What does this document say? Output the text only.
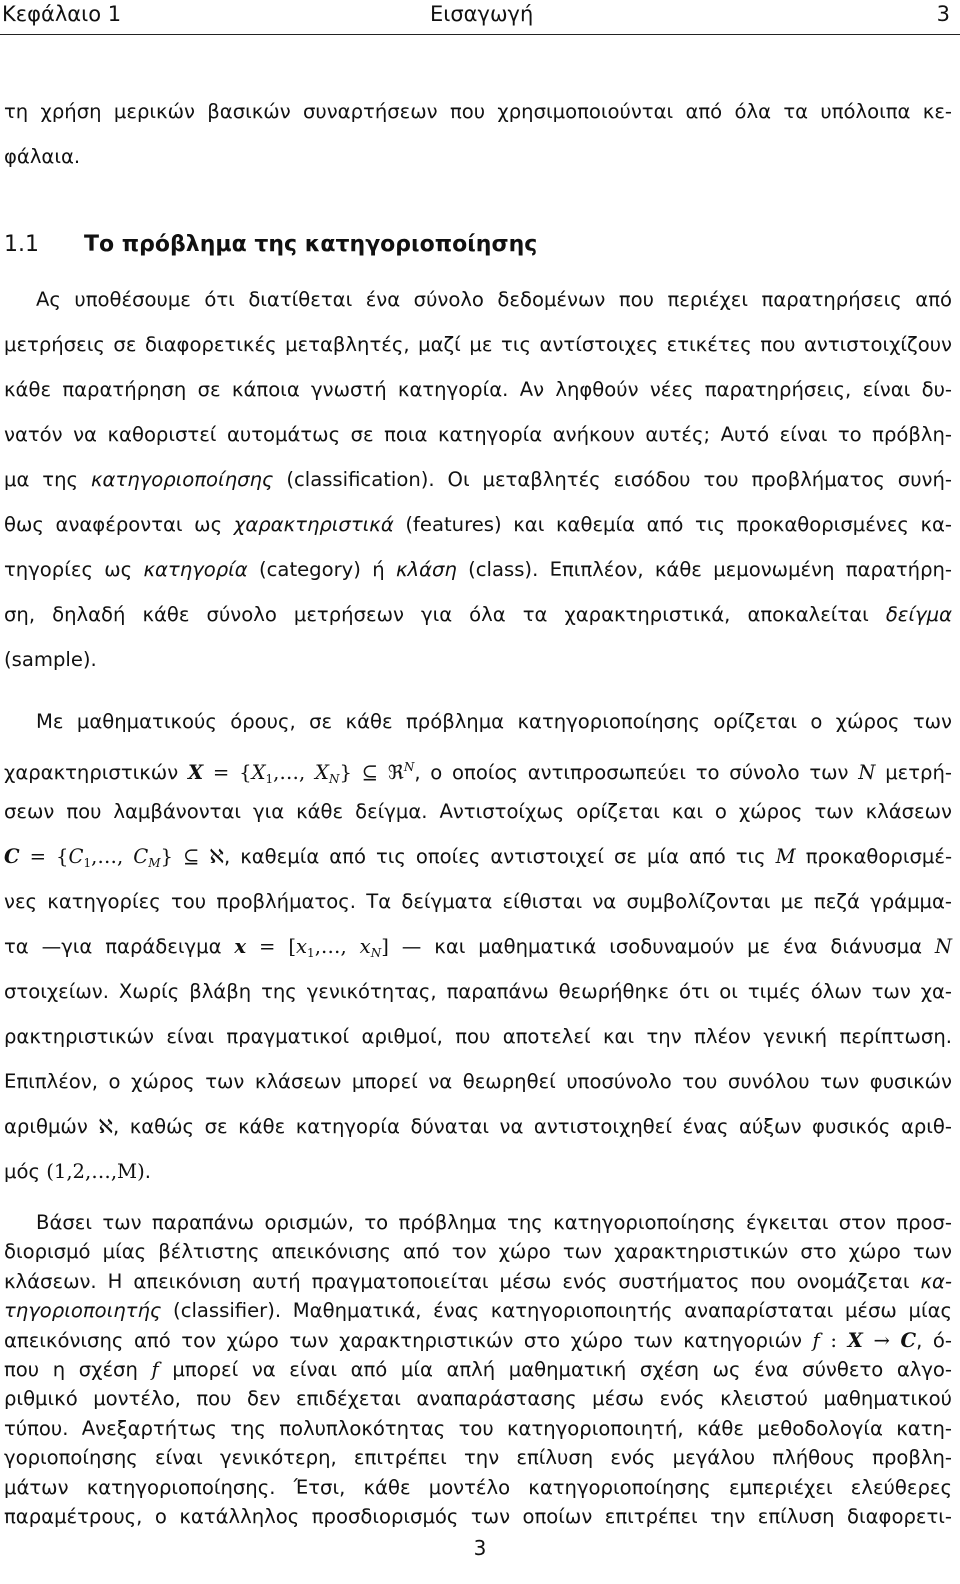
Κεφάλαιο 1	Εισαγωγή	3
τη χρήση μερικών βασικών συναρτήσεων που χρησιμοποιούνται από όλα τα υπόλοιπα κε-
φάλαια.
1.1 Το πρόβλημα της κατηγοριοποίησης
Ας υποθέσουμε ότι διατίθεται ένα σύνολο δεδομένων που περιέχει παρατηρήσεις από
μετρήσεις σε διαφορετικές μεταβλητές, μαζί με τις αντίστοιχες ετικέτες που αντιστοιχίζουν
κάθε παρατήρηση σε κάποια γνωστή κατηγορία. Αν ληφθούν νέες παρατηρήσεις, είναι δυ-
νατόν να καθοριστεί αυτομάτως σε ποια κατηγορία ανήκουν αυτές; Αυτό είναι το πρόβλη-
μα της κατηγοριοποίησης (classification). Οι μεταβλητές εισόδου του προβλήματος συνή-
θως αναφέρονται ως χαρακτηριστικά (features) και καθεμία από τις προκαθορισμένες κα-
τηγορίες ως κατηγορία (category) ή κλάση (class). Επιπλέον, κάθε μεμονωμένη παρατήρη-
ση, δηλαδή κάθε σύνολο μετρήσεων για όλα τα χαρακτηριστικά, αποκαλείται δείγμα
(sample).
Με μαθηματικούς όρους, σε κάθε πρόβλημα κατηγοριοποίησης ορίζεται ο χώρος των
χαρακτηριστικών $X = \{X_1,\dots$, $X_N$} ⊆ ℜ$^N$, ο οποίος αντιπροσωπεύει το σύνολο των N μετρή-
σεων που λαμβάνονται για κάθε δείγμα. Αντιστοίχως ορίζεται και ο χώρος των κλάσεων
$C = \{C_1,\dots$, $C_M$} ⊆ ℵ, καθεμία από τις οποίες αντιστοιχεί σε μία από τις M προκαθορισμέ-
νες κατηγορίες του προβλήματος. Τα δείγματα είθισται να συμβολίζονται με πεζά γράμμα-
τα —για παράδειγμα $x = [x_1,\dots$, $x_N$] — και μαθηματικά ισοδυναμούν με ένα διάνυσμα N
στοιχείων. Χωρίς βλάβη της γενικότητας, παραπάνω θεωρήθηκε ότι οι τιμές όλων των χα-
ρακτηριστικών είναι πραγματικοί αριθμοί, που αποτελεί και την πλέον γενική περίπτωση.
Επιπλέον, ο χώρος των κλάσεων μπορεί να θεωρηθεί υποσύνολο του συνόλου των φυσικών
αριθμών ℵ, καθώς σε κάθε κατηγορία δύναται να αντιστοιχηθεί ένας αύξων φυσικός αριθ-
μός (1,2,…,M).
Βάσει των παραπάνω ορισμών, το πρόβλημα της κατηγοριοποίησης έγκειται στον προσ-
διορισμό μίας βέλτιστης απεικόνισης από τον χώρο των χαρακτηριστικών στο χώρο των
κλάσεων. Η απεικόνιση αυτή πραγματοποιείται μέσω ενός συστήματος που ονομάζεται κα-
τηγοριοποιητής (classifier). Μαθηματικά, ένας κατηγοριοποιητής αναπαρίσταται μέσω μίας
απεικόνισης από τον χώρο των χαρακτηριστικών στο χώρο των κατηγοριών f : X → C, ό-
που η σχέση f μπορεί να είναι από μία απλή μαθηματική σχέση ως ένα σύνθετο αλγο-
ριθμικό μοντέλο, που δεν επιδέχεται αναπαράστασης μέσω ενός κλειστού μαθηματικού
3
τύπου. Ανεξαρτήτως της πολυπλοκότητας του κατηγοριοποιητή, κάθε μεθοδολογία κατη-
γοριοποίησης είναι γενικότερη, επιτρέπει την επίλυση ενός μεγάλου πλήθους προβλη-
μάτων κατηγοριοποίησης. Έτσι, κάθε μοντέλο κατηγοριοποίησης εμπεριέχει ελεύθερες
παραμέτρους, ο κατάλληλος προσδιορισμός των οποίων επιτρέπει την επίλυση διαφορετι-
